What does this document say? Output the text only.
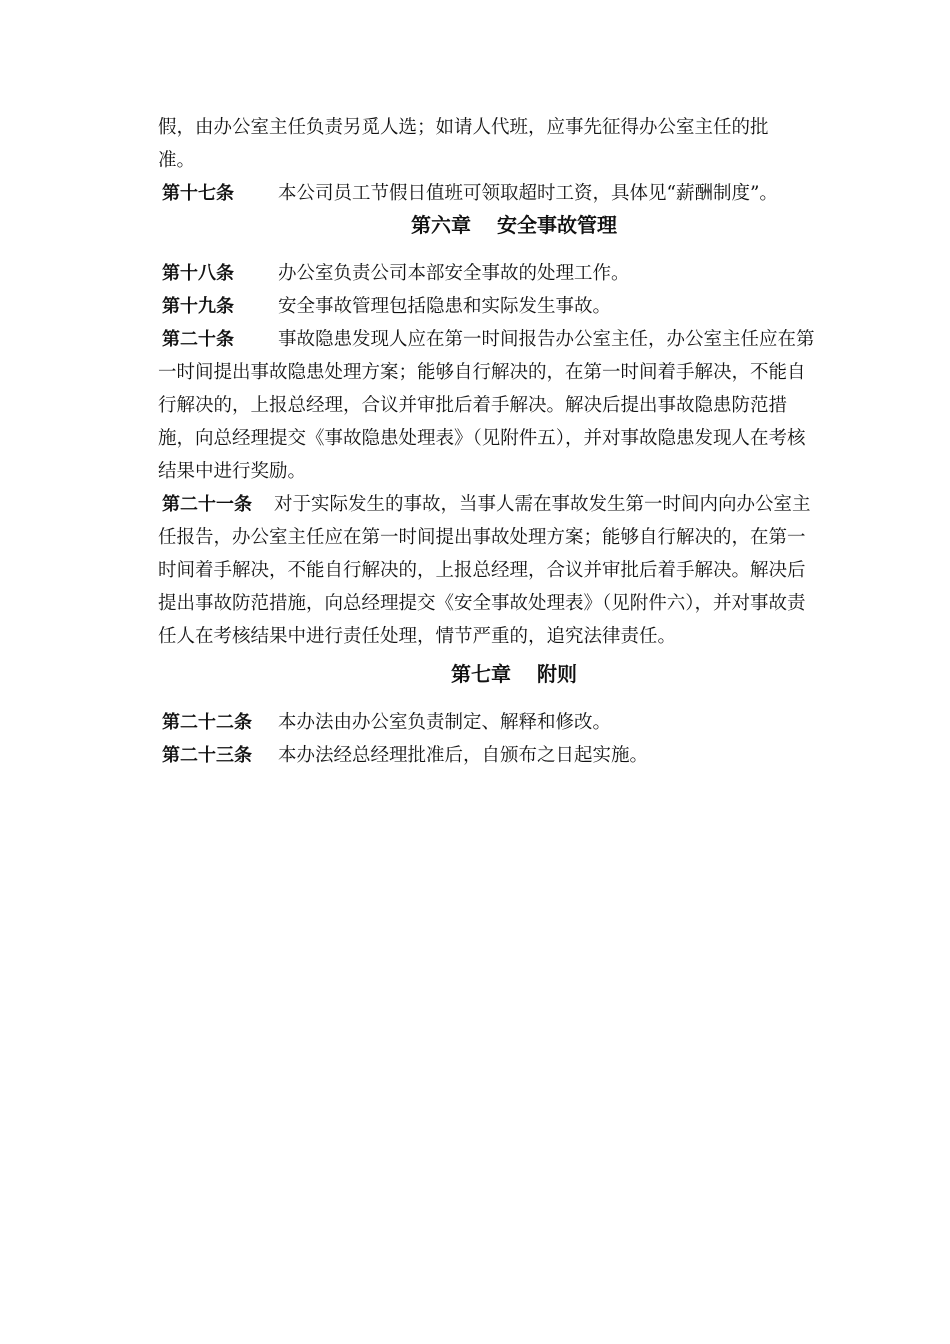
假，由办公室主任负责另觅人选；如请人代班，应事先征得办公室主任的批
准。

第十七条 本公司员工节假日值班可领取超时工资，具体见“薪酬制度”。

第六章 安全事故管理

第十八条 办公室负责公司本部安全事故的处理工作。

第十九条 安全事故管理包括隐患和实际发生事故。

第二十条 事故隐患发现人应在第一时间报告办公室主任，办公室主任应在第一时间提出事故隐患处理方案；能够自行解决的，在第一时间着手解决，不能自行解决的，上报总经理，合议并审批后着手解决。解决后提出事故隐患防范措施，向总经理提交《事故隐患处理表》（见附件五），并对事故隐患发现人在考核结果中进行奖励。

第二十一条 对于实际发生的事故，当事人需在事故发生第一时间内向办公室主任报告，办公室主任应在第一时间提出事故处理方案；能够自行解决的，在第一时间着手解决，不能自行解决的，上报总经理，合议并审批后着手解决。解决后提出事故防范措施，向总经理提交《安全事故处理表》（见附件六），并对事故责任人在考核结果中进行责任处理，情节严重的，追究法律责任。

第七章 附则

第二十二条 本办法由办公室负责制定、解释和修改。

第二十三条 本办法经总经理批准后，自颁布之日起实施。
